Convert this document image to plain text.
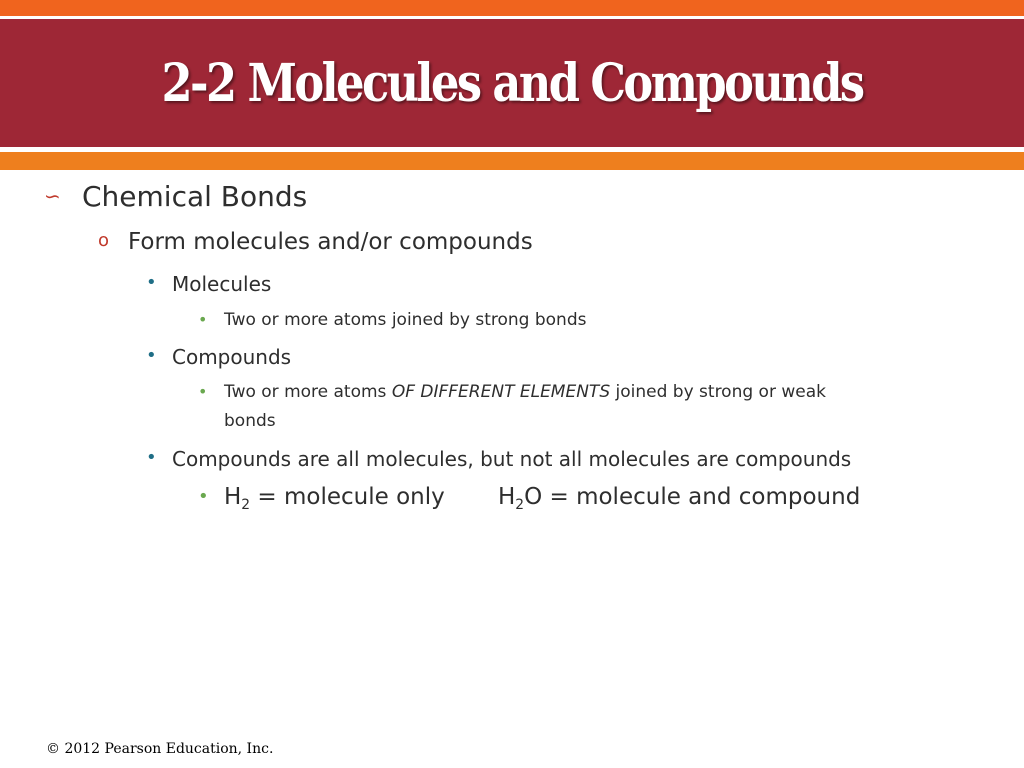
2-2 Molecules and Compounds
∽ Chemical Bonds
o Form molecules and/or compounds
• Molecules
• Two or more atoms joined by strong bonds
• Compounds
• Two or more atoms OF DIFFERENT ELEMENTS joined by strong or weak
bonds
• Compounds are all molecules, but not all molecules are compounds
• $H_2$ = molecule only $H_2O$ = molecule and compound
© 2012 Pearson Education, Inc.
